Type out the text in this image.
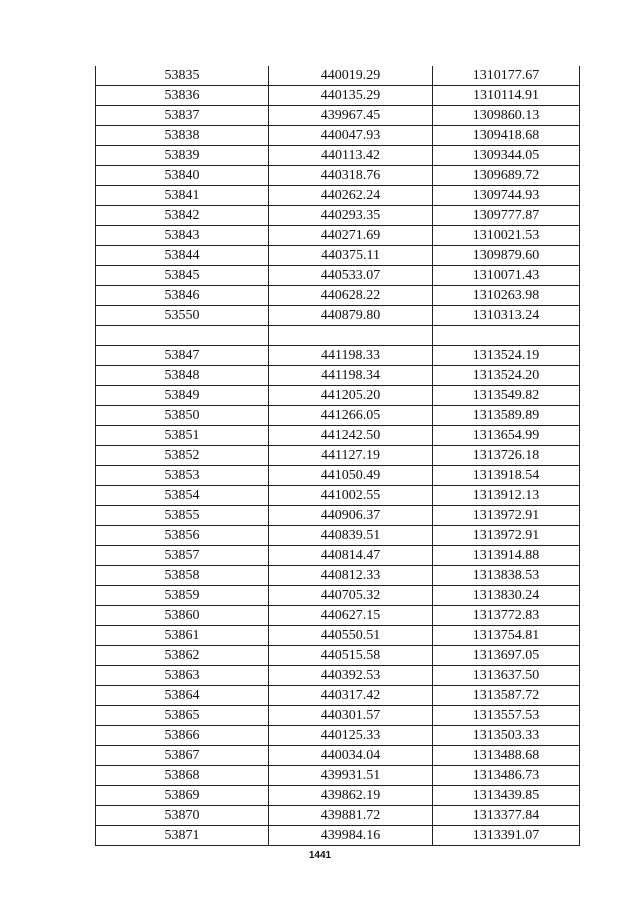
53835	440019.29	1310177.67
53836	440135.29	1310114.91
53837	439967.45	1309860.13
53838	440047.93	1309418.68
53839	440113.42	1309344.05
53840	440318.76	1309689.72
53841	440262.24	1309744.93
53842	440293.35	1309777.87
53843	440271.69	1310021.53
53844	440375.11	1309879.60
53845	440533.07	1310071.43
53846	440628.22	1310263.98
53550	440879.80	1310313.24

53847	441198.33	1313524.19
53848	441198.34	1313524.20
53849	441205.20	1313549.82
53850	441266.05	1313589.89
53851	441242.50	1313654.99
53852	441127.19	1313726.18
53853	441050.49	1313918.54
53854	441002.55	1313912.13
53855	440906.37	1313972.91
53856	440839.51	1313972.91
53857	440814.47	1313914.88
53858	440812.33	1313838.53
53859	440705.32	1313830.24
53860	440627.15	1313772.83
53861	440550.51	1313754.81
53862	440515.58	1313697.05
53863	440392.53	1313637.50
53864	440317.42	1313587.72
53865	440301.57	1313557.53
53866	440125.33	1313503.33
53867	440034.04	1313488.68
53868	439931.51	1313486.73
53869	439862.19	1313439.85
53870	439881.72	1313377.84
53871	439984.16	1313391.07
1441
